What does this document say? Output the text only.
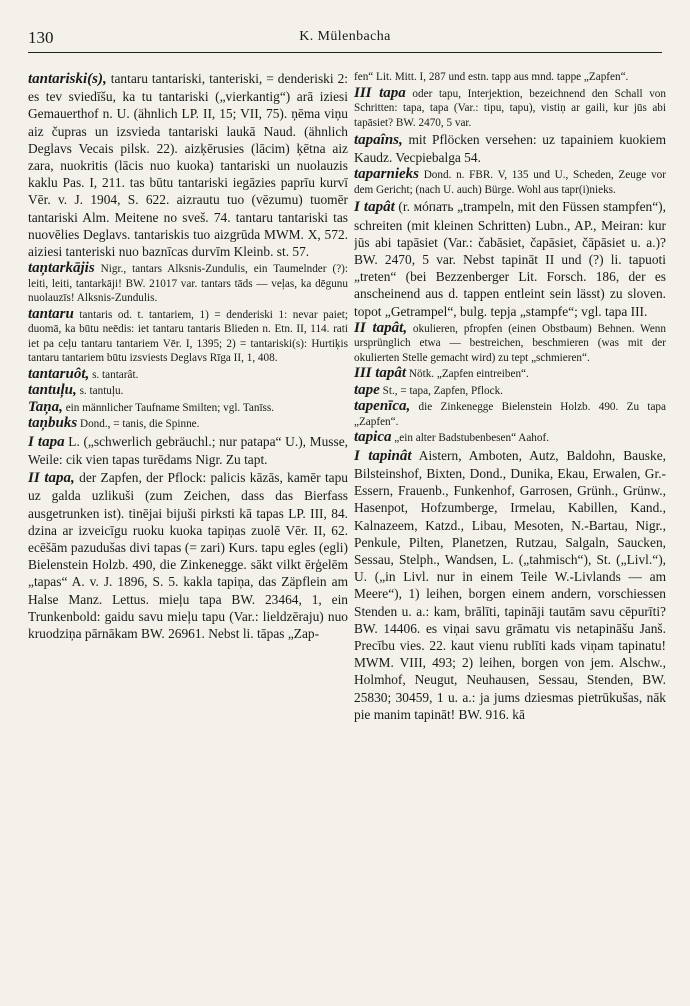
130	K. Mülenbacha

tantariski(s), tantaru tantariski, tanteriski, = denderiski 2: es tev sviedīšu, ka tu tantariski („vierkantig“) arā iziesi Gemauerthof n. U. (ähnlich LP. II, 15; VII, 75). ņēma viņu aiz čupras un izsvieda tantariski laukā Naud. (ähnlich Deglavs Vecais pilsk. 22). aizķērusies (lācim) ķētna aiz zara, nuokritis (lācis nuo kuoka) tantariski un nuolauzis kaklu Pas. I, 211. tas būtu tantariski iegāzies paprīu kurvī Vēr. v. J. 1904, S. 622. aizrautu tuo (vēzumu) tuomēr tantariski Alm. Meitene no sveš. 74. tantaru tantariski tas nuovēlies Deglavs. tantariskis tuo aizgrūda MWM. X, 572. aiziesi tanteriski nuo baznīcas durvīm Kleinb. st. 57.

taņtarkājis Nigr., tantars Alksnis-Zundulis, ein Taumelnder (?): leiti, leiti, tantarkāji! BW. 21017 var. tantars tāds — veļas, ka dēgunu nuolauzīs! Alksnis-Zundulis.

tantaru tantaris od. t. tantariem, 1) = denderiski 1: nevar paiet; duomā, ka būtu neēdis: iet tantaru tantaris Blieden n. Etn. II, 114. rati iet pa ceļu tantaru tantariem Vēr. I, 1395; 2) = tantariski(s): Hurtiķis tantaru tantariem būtu izsviests Deglavs Rīga II, 1, 408.

tantaruôt, s. tantarât.

tantuļu, s. tantuļu.

Taņa, ein männlicher Taufname Smilten; vgl. Tanīss.

taņbuks Dond., = tanis, die Spinne.

I tapa L. („schwerlich gebräuchl.; nur patapa“ U.), Musse, Weile: cik vien tapas turēdams Nigr. Zu tapt.

II tapa, der Zapfen, der Pflock: palicis kāzās, kamēr tapu uz galda uzlikuši (zum Zeichen, dass das Bierfass ausgetrunken ist). tinējai bijuši pirksti kā tapas LP. III, 84. dzina ar izveicīgu ruoku kuoka tapiņas zuolē Vēr. II, 62. ecēšām pazudušas divi tapas (= zari) Kurs. tapu egles (egli) Bielenstein Holzb. 490, die Zinkeneggе. sākt vilkt ērģelēm „tapas“ A. v. J. 1896, S. 5. kakla tapiņa, das Zäpflein am Halse Manz. Lettus. mieļu tapa BW. 23464, 1, ein Trunkenbold: gaidu savu mieļu tapu (Var.: lieldzēraju) nuo kruodziņa pārnākam BW. 26961. Nebst li. tāpas „Zap-

fen“ Lit. Mitt. I, 287 und estn. tapp aus mnd. tappe „Zapfen“.

III tapa oder tapu, Interjektion, bezeichnend den Schall von Schritten: tapa, tapa (Var.: tipu, tapu), vistiņ ar gaili, kur jūs abi tapāsiet? BW. 2470, 5 var.

tapaîns, mit Pflöcken versehen: uz tapainiem kuokiem Kaudz. Vecpiebalga 54.

taparnieks Dond. n. FBR. V, 135 und U., Scheden, Zeuge vor dem Gericht; (nach U. auch) Bürge. Wohl aus tapr(i)nieks.

I tapât (r. мóпать „trampeln, mit den Füssen stampfen“), schreiten (mit kleinen Schritten) Lubn., AP., Meiran: kur jūs abi tapāsiet (Var.: čabāsiet, čapāsiet, čāpāsiet u. a.)? BW. 2470, 5 var. Nebst tapināt II und (?) li. tapuoti „treten“ (bei Bezzenberger Lit. Forsch. 186, der es anscheinend aus d. tappen entleint sein lässt) zu sloven. topot „Getrampel“, bulg. tepja „stampfe“; vgl. tapa III.

II tapât, okulieren, pfropfen (einen Obstbaum) Behnen. Wenn ursprünglich etwa — bestreichen, beschmieren (was mit der okulierten Stelle gemacht wird) zu tept „schmieren“.

III tapât Nötk. „Zapfen eintreiben“.

tape St., = tapa, Zapfen, Pflock.

tapenīca, die Zinkenegge Bielenstein Holzb. 490. Zu tapa „Zapfen“.

tapica „ein alter Badstubenbesen“ Aahof.

I tapinât Aistern, Amboten, Autz, Baldohn, Bauske, Bilsteinshof, Bixten, Dond., Dunika, Ekau, Erwalen, Gr.-Essern, Frauenb., Funkenhof, Garrosen, Grünh., Grünw., Hasenpot, Hofzumberge, Irmelau, Kabillen, Kand., Kalnazeem, Katzd., Libau, Mesoten, N.-Bartau, Nigr., Penkule, Pilten, Planetzen, Rutzau, Salgaln, Saucken, Sessau, Stelph., Wandsen, L. („tahmisch“), St. („Livl.“), U. („in Livl. nur in einem Teile W.-Livlands — am Meere“), 1) leihen, borgen einem andern, vorschiessen Stenden u. a.: kam, brālīti, tapināji tautām savu cēpurīti? BW. 14406. es viņai savu grāmatu vis netapināšu Janš. Precību vies. 22. kaut vienu rublīti kads viņam tapinatu! MWM. VIII, 493; 2) leihen, borgen von jem. Alschw., Holmhof, Neugut, Neuhausen, Sessau, Stenden, BW. 25830; 30459, 1 u. a.: ja jums dziesmas pietrūkušas, nāk pie manim tapināt! BW. 916. kā
